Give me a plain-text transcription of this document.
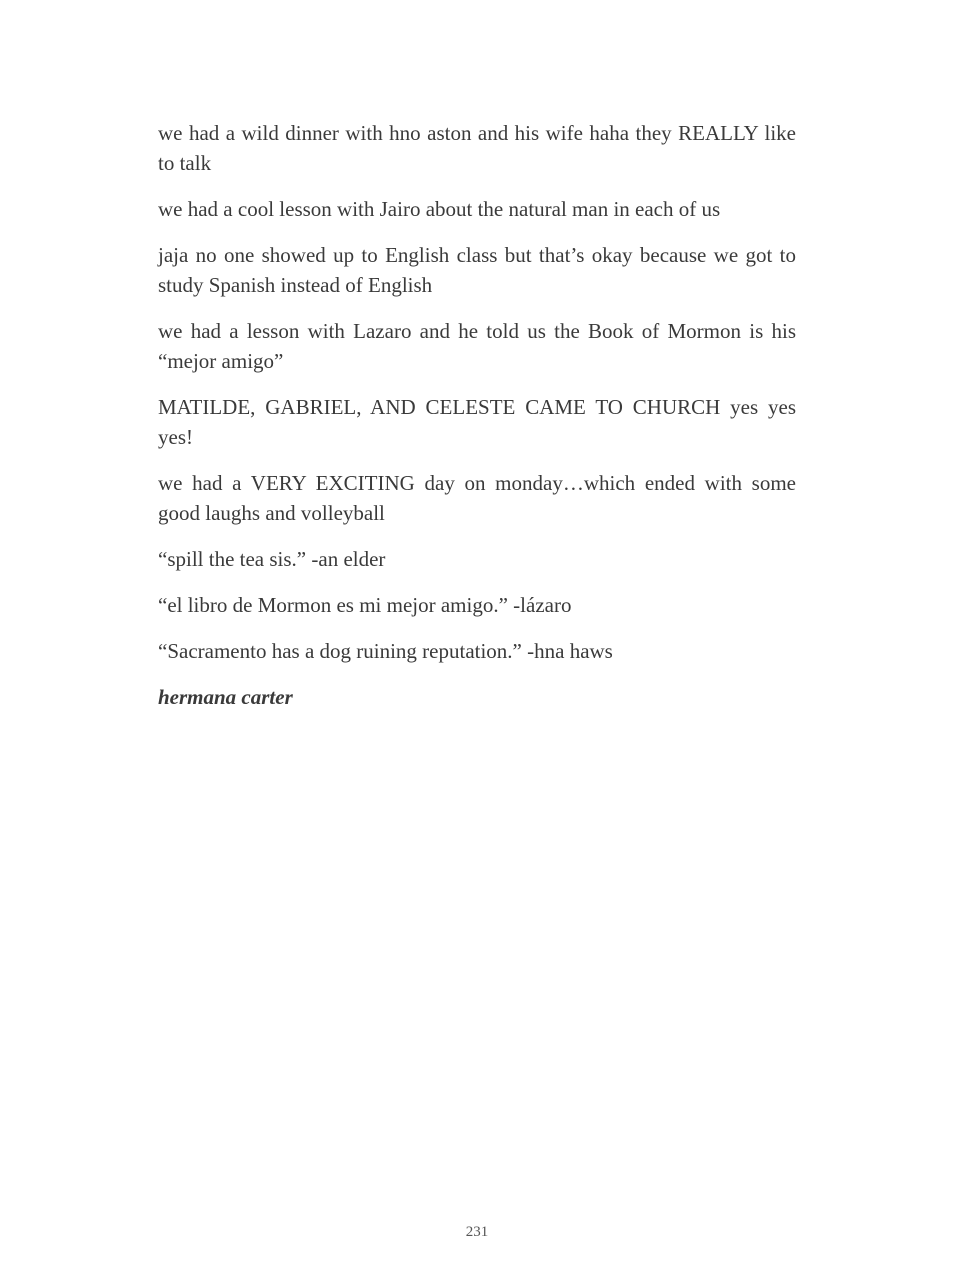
we had a wild dinner with hno aston and his wife haha they REALLY like to talk

we had a cool lesson with Jairo about the natural man in each of us

jaja no one showed up to English class but that’s okay because we got to study Spanish instead of English

we had a lesson with Lazaro and he told us the Book of Mormon is his “mejor amigo”

MATILDE, GABRIEL, AND CELESTE CAME TO CHURCH yes yes yes!

we had a VERY EXCITING day on monday…which ended with some good laughs and volleyball

“spill the tea sis.” -an elder

“el libro de Mormon es mi mejor amigo.” -lázaro

“Sacramento has a dog ruining reputation.” -hna haws

hermana carter

231
